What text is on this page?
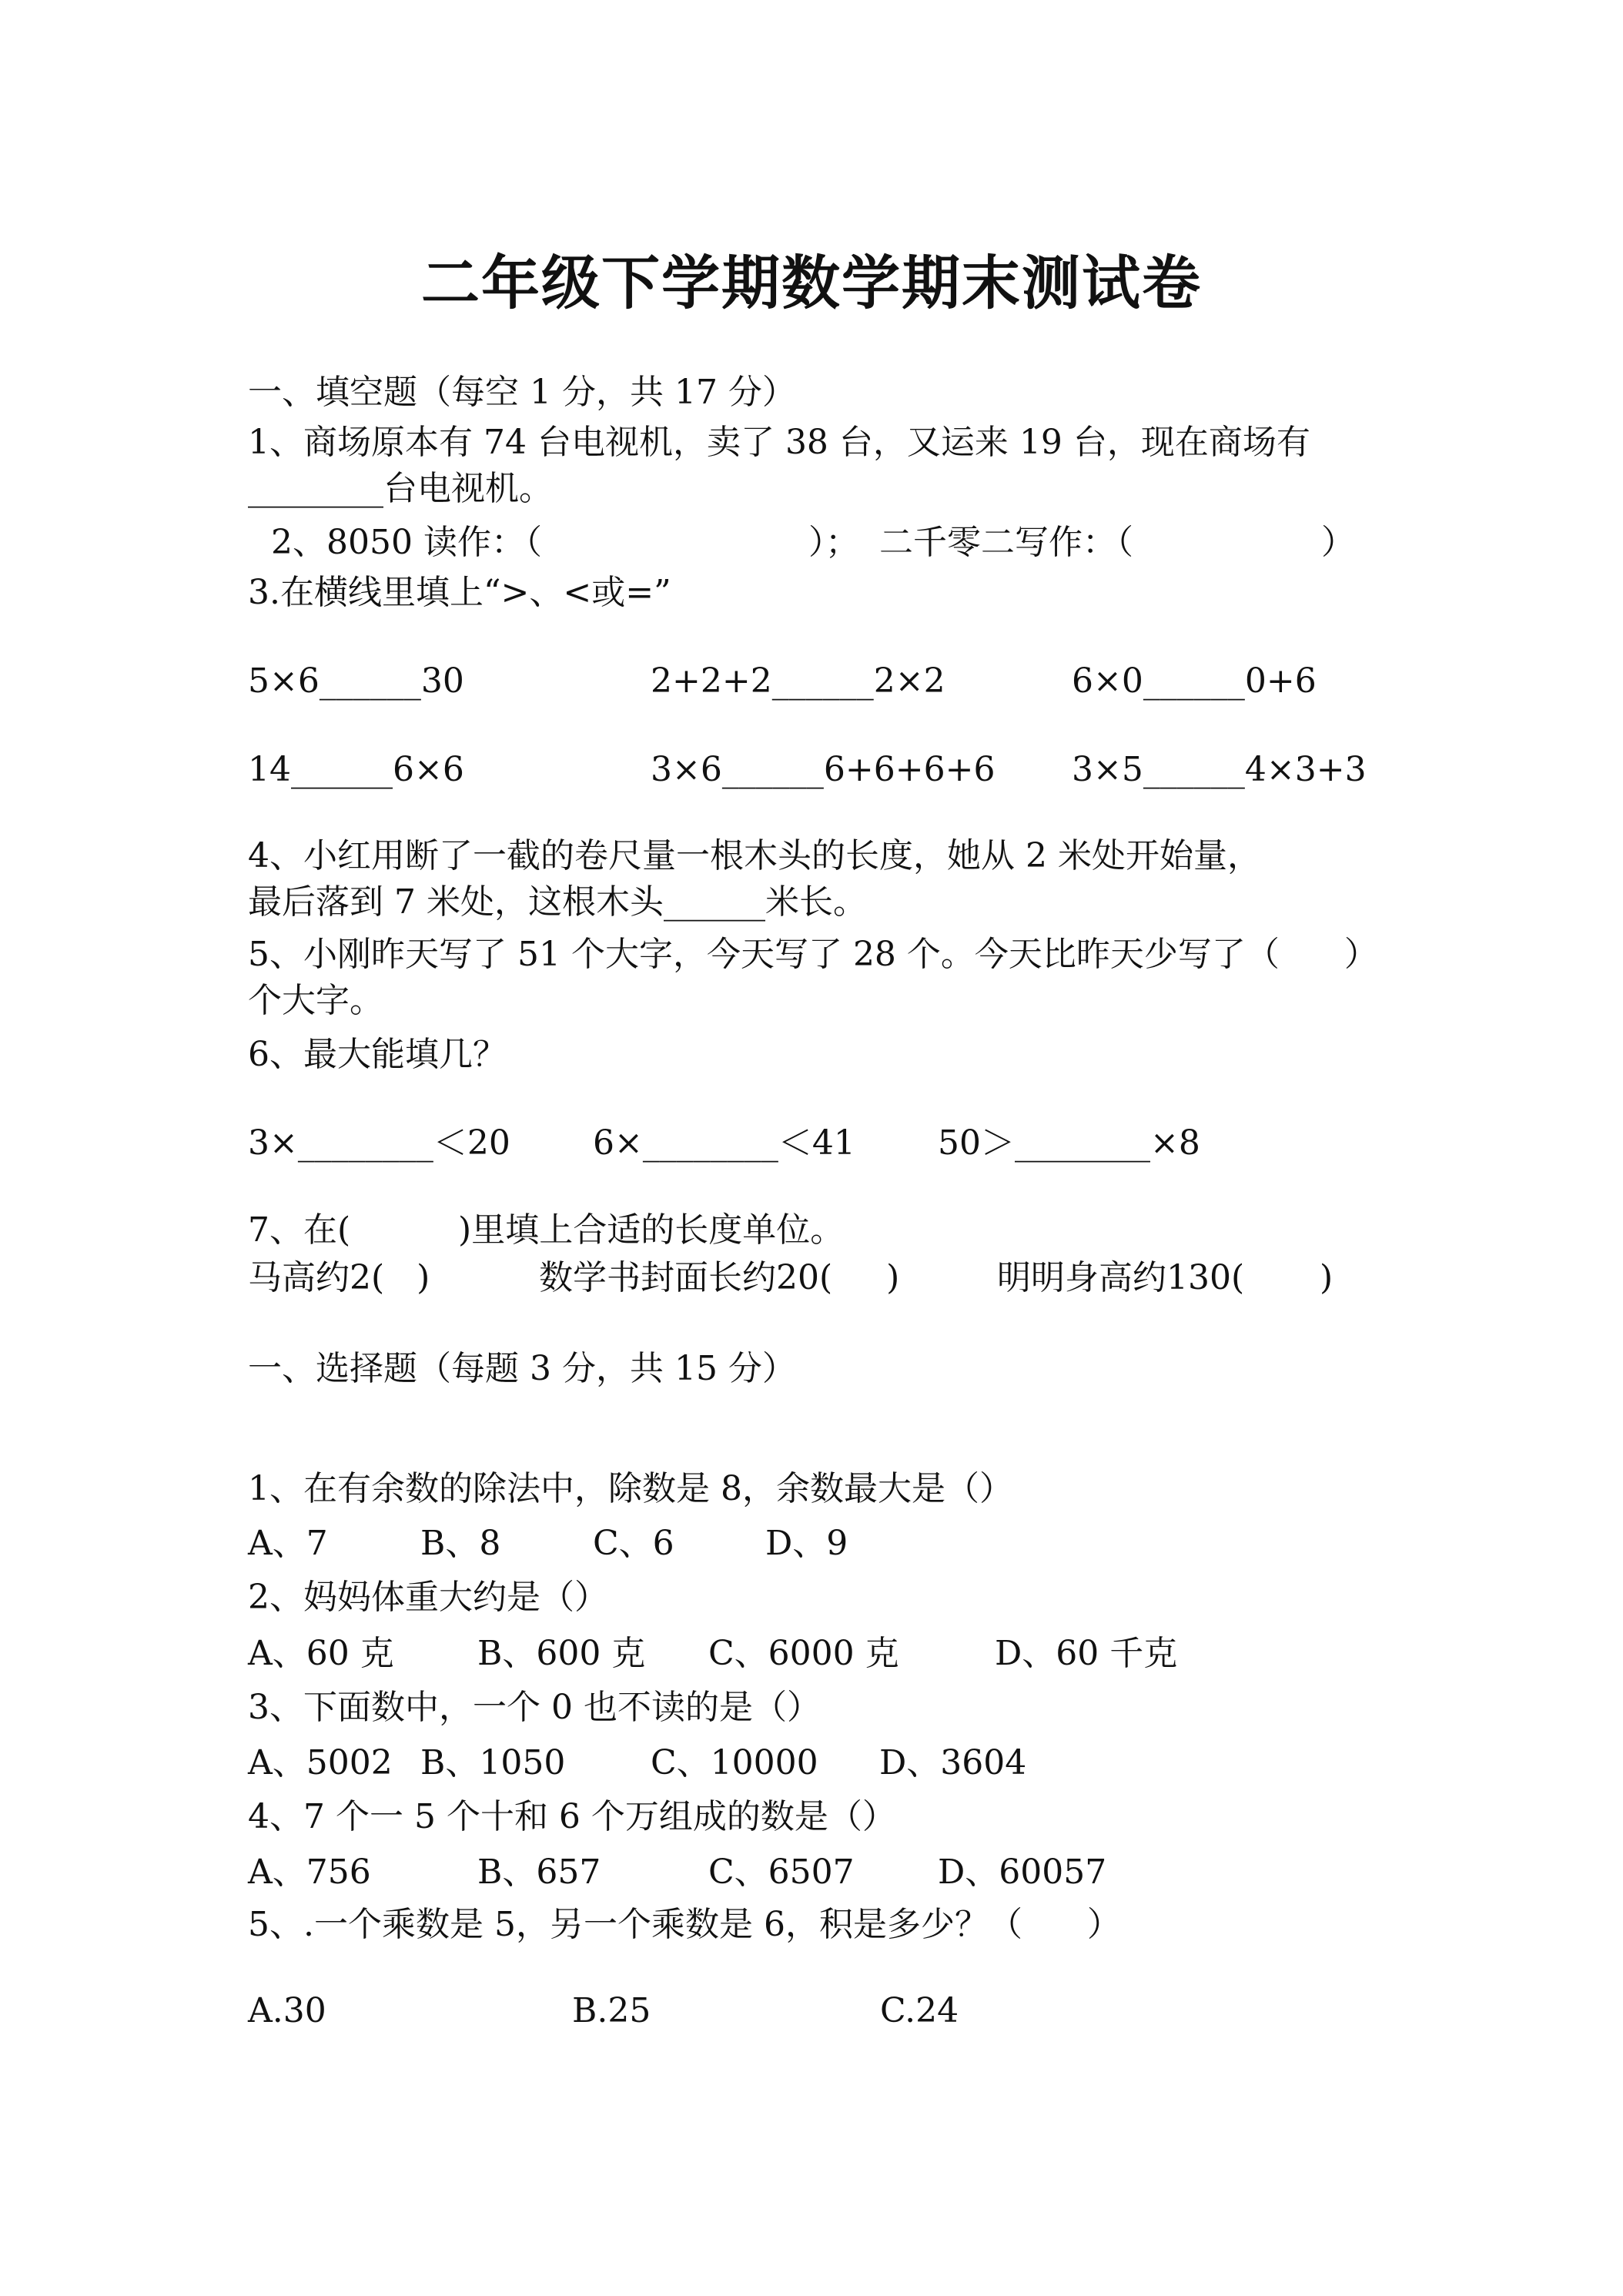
二年级下学期数学期末测试卷
一、填空题（每空 1 分，共 17 分）
1、商场原本有 74 台电视机，卖了 38 台，又运来 19 台，现在商场有
________台电视机。
2、8050 读作：（	）； 二千零二写作：（	）
3.在横线里填上“>、<或=”
5×6______30	2+2+2______2×2	6×0______0+6
14______6×6	3×6______6+6+6+6 3×5______4×3+3
4、小红用断了一截的卷尺量一根木头的长度，她从 2 米处开始量，
最后落到 7 米处，这根木头______米长。
5、小刚昨天写了 51 个大字，今天写了 28 个。今天比昨天少写了（      ）
个大字。
6、最大能填几？
3×________＜20 6×________＜41 50＞________×8
7、在(          )里填上合适的长度单位。
马高约2(   )	数学书封面长约20(     )	明明身高约130(       )
一、选择题（每题 3 分，共 15 分）
1、在有余数的除法中，除数是 8，余数最大是（）
A、7	B、8	C、6	D、9
2、妈妈体重大约是（）
A、60 克 B、600 克 C、6000 克	D、60 千克
3、下面数中，一个 0 也不读的是（）
A、5002 B、1050	C、10000 D、3604
4、7 个一 5 个十和 6 个万组成的数是（）
A、756	B、657	C、6507 D、60057
5、.一个乘数是 5，另一个乘数是 6，积是多少？（      ）
A.30	B.25	C.24
